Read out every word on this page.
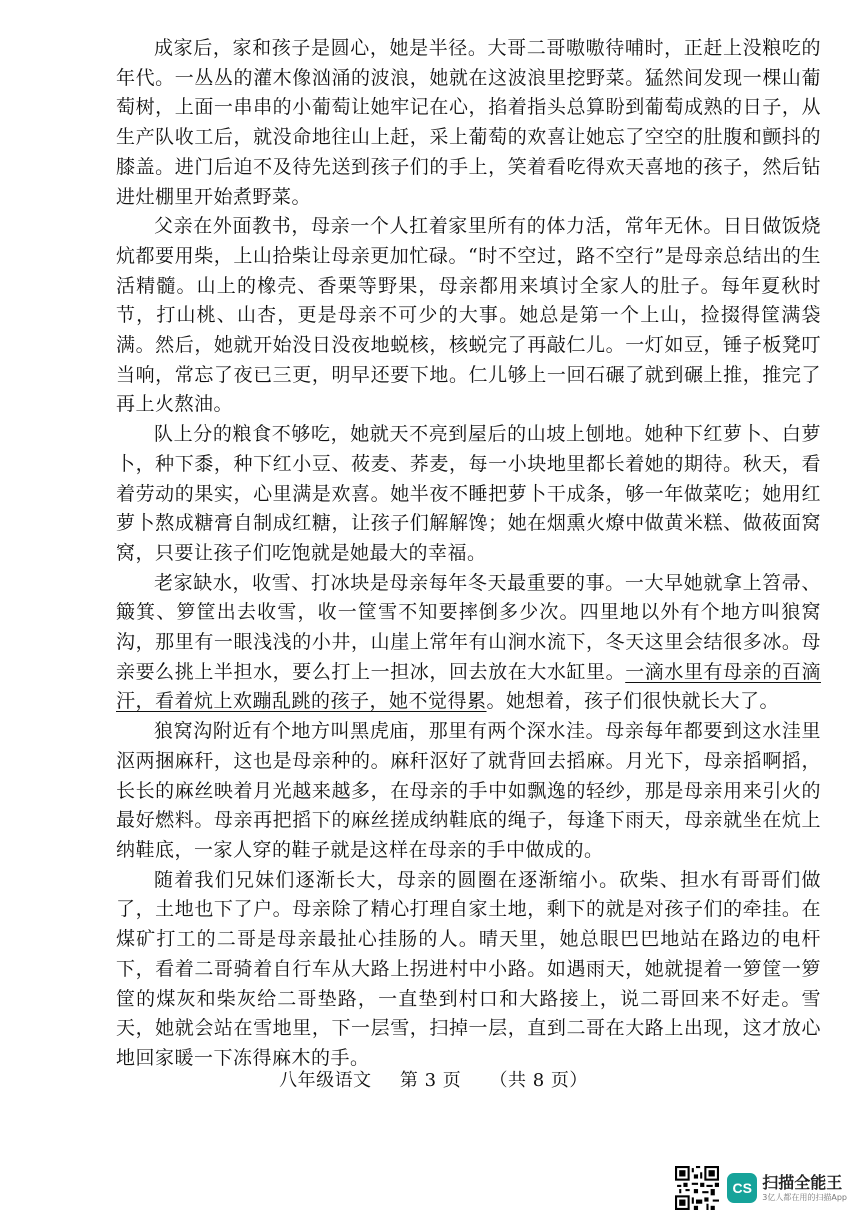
成家后，家和孩子是圆心，她是半径。大哥二哥嗷嗷待哺时，正赶上没粮吃的年代。一丛丛的灌木像汹涌的波浪，她就在这波浪里挖野菜。猛然间发现一棵山葡萄树，上面一串串的小葡萄让她牢记在心，掐着指头总算盼到葡萄成熟的日子，从生产队收工后，就没命地往山上赶，采上葡萄的欢喜让她忘了空空的肚腹和颤抖的膝盖。进门后迫不及待先送到孩子们的手上，笑着看吃得欢天喜地的孩子，然后钻进灶棚里开始煮野菜。

父亲在外面教书，母亲一个人扛着家里所有的体力活，常年无休。日日做饭烧炕都要用柴，上山拾柴让母亲更加忙碌。“时不空过，路不空行”是母亲总结出的生活精髓。山上的橡壳、香栗等野果，母亲都用来填讨全家人的肚子。每年夏秋时节，打山桃、山杏，更是母亲不可少的大事。她总是第一个上山，捡掇得筐满袋满。然后，她就开始没日没夜地蜕核，核蜕完了再敲仁儿。一灯如豆，锤子板凳叮当响，常忘了夜已三更，明早还要下地。仁儿够上一回石碾了就到碾上推，推完了再上火熬油。

队上分的粮食不够吃，她就天不亮到屋后的山坡上刨地。她种下红萝卜、白萝卜，种下黍，种下红小豆、莜麦、荞麦，每一小块地里都长着她的期待。秋天，看着劳动的果实，心里满是欢喜。她半夜不睡把萝卜干成条，够一年做菜吃；她用红萝卜熬成糖膏自制成红糖，让孩子们解解馋；她在烟熏火燎中做黄米糕、做莜面窝窝，只要让孩子们吃饱就是她最大的幸福。

老家缺水，收雪、打冰块是母亲每年冬天最重要的事。一大早她就拿上笤帚、簸箕、箩筐出去收雪，收一筐雪不知要摔倒多少次。四里地以外有个地方叫狼窝沟，那里有一眼浅浅的小井，山崖上常年有山涧水流下，冬天这里会结很多冰。母亲要么挑上半担水，要么打上一担冰，回去放在大水缸里。一滴水里有母亲的百滴汗，看着炕上欢蹦乱跳的孩子，她不觉得累。她想着，孩子们很快就长大了。

狼窝沟附近有个地方叫黑虎庙，那里有两个深水洼。母亲每年都要到这水洼里沤两捆麻秆，这也是母亲种的。麻秆沤好了就背回去搯麻。月光下，母亲搯啊搯，长长的麻丝映着月光越来越多，在母亲的手中如飘逸的轻纱，那是母亲用来引火的最好燃料。母亲再把搯下的麻丝搓成纳鞋底的绳子，每逢下雨天，母亲就坐在炕上纳鞋底，一家人穿的鞋子就是这样在母亲的手中做成的。

随着我们兄妹们逐渐长大，母亲的圆圈在逐渐缩小。砍柴、担水有哥哥们做了，土地也下了户。母亲除了精心打理自家土地，剩下的就是对孩子们的牵挂。在煤矿打工的二哥是母亲最扯心挂肠的人。晴天里，她总眼巴巴地站在路边的电杆下，看着二哥骑着自行车从大路上拐进村中小路。如遇雨天，她就提着一箩筐一箩筐的煤灰和柴灰给二哥垫路，一直垫到村口和大路接上，说二哥回来不好走。雪天，她就会站在雪地里，下一层雪，扫掉一层，直到二哥在大路上出现，这才放心地回家暖一下冻得麻木的手。

八年级语文 第 3 页 （共 8 页）
CS 扫描全能王
3亿人都在用的扫描App
